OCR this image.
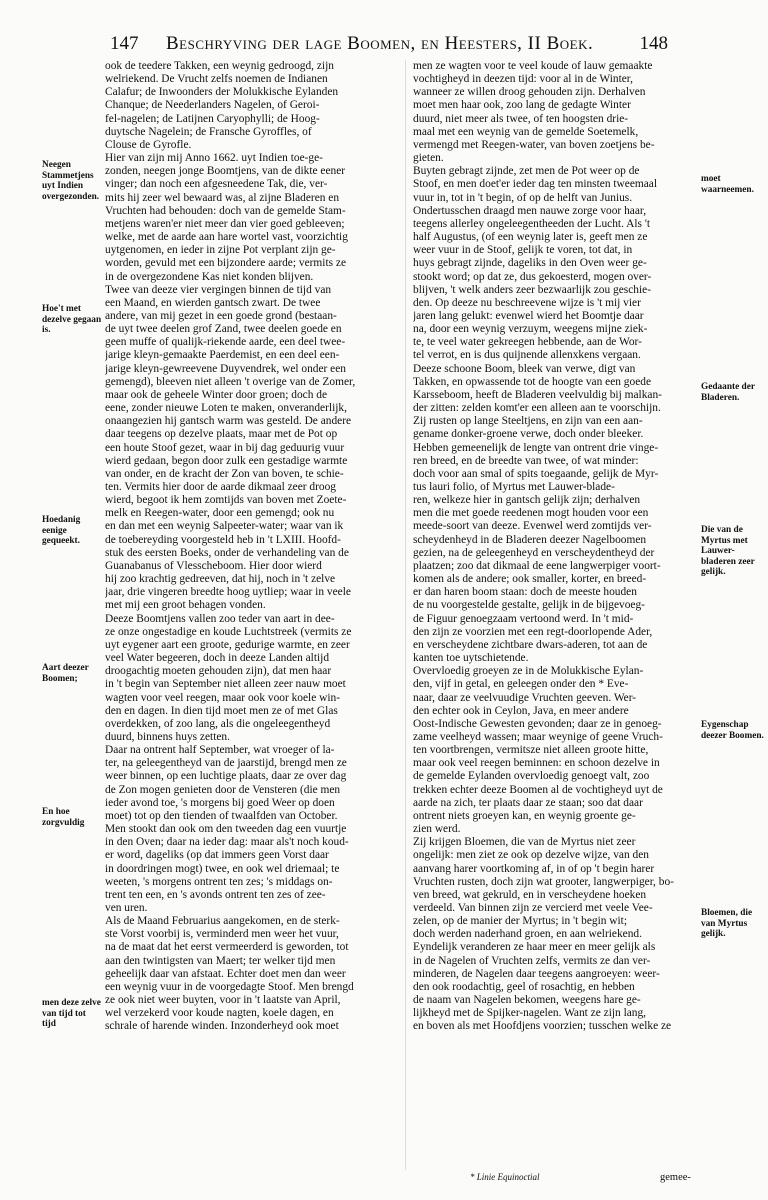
147 Beschryving der lage Boomen, en Heesters, II Boek. 148
ook de teedere Takken, een weynig gedroogd, zijn
welriekend. De Vrucht zelfs noemen de Indianen
Calafur; de Inwoonders der Molukkische Eylanden
Chanque; de Neederlanders Nagelen, of Geroi-
fel-nagelen; de Latijnen Caryophylli; de Hoog-
duytsche Nagelein; de Fransche Gyroffles, of
Clouse de Gyrofle.
Hier van zijn mij Anno 1662. uyt Indien toe-ge-
zonden, neegen jonge Boomtjens, van de dikte eener
vinger; dan noch een afgesneedene Tak, die, ver-
mits hij zeer wel bewaard was, al zijne Bladeren en
Vruchten had behouden: doch van de gemelde Stam-
metjens waren'er niet meer dan vier goed gebleeven;
welke, met de aarde aan hare wortel vast, voorzichtig
uytgenomen, en ieder in zijne Pot verplant zijn ge-
worden, gevuld met een bijzondere aarde; vermits ze
in de overgezondene Kas niet konden blijven.
Twee van deeze vier vergingen binnen de tijd van
een Maand, en wierden gantsch zwart. De twee
andere, van mij gezet in een goede grond (bestaan-
de uyt twee deelen grof Zand, twee deelen goede en
geen muffe of qualijk-riekende aarde, een deel twee-
jarige kleyn-gemaakte Paerdemist, en een deel een-
jarige kleyn-gewreevene Duyvendrek, wel onder een
gemengd), bleeven niet alleen 't overige van de Zomer,
maar ook de geheele Winter door groen; doch de
eene, zonder nieuwe Loten te maken, onveranderlijk,
onaangezien hij gantsch warm was gesteld. De andere
daar teegens op dezelve plaats, maar met de Pot op
een houte Stoof gezet, waar in bij dag geduurig vuur
wierd gedaan, begon door zulk een gestadige warmte
van onder, en de kracht der Zon van boven, te schie-
ten. Vermits hier door de aarde dikmaal zeer droog
wierd, begoot ik hem zomtijds van boven met Zoete-
melk en Reegen-water, door een gemengd; ook nu
en dan met een weynig Salpeeter-water; waar van ik
de toebereyding voorgesteld heb in 't LXIII. Hoofd-
stuk des eersten Boeks, onder de verhandeling van de
Guanabanus of Vlesscheboom. Hier door wierd
hij zoo krachtig gedreeven, dat hij, noch in 't zelve
jaar, drie vingeren breedte hoog uytliep; waar in veele
met mij een groot behagen vonden.
Deeze Boomtjens vallen zoo teder van aart in dee-
ze onze ongestadige en koude Luchtstreek (vermits ze
uyt eygener aart een groote, gedurige warmte, en zeer
veel Water begeeren, doch in deeze Landen altijd
droogachtig moeten gehouden zijn), dat men haar
in 't begin van September niet alleen zeer nauw moet
wagten voor veel reegen, maar ook voor koele win-
den en dagen. In dien tijd moet men ze of met Glas
overdekken, of zoo lang, als die ongeleegentheyd
duurd, binnens huys zetten.
Daar na ontrent half September, wat vroeger of la-
ter, na geleegentheyd van de jaarstijd, brengd men ze
weer binnen, op een luchtige plaats, daar ze over dag
de Zon mogen genieten door de Vensteren (die men
ieder avond toe, 's morgens bij goed Weer op doen
moet) tot op den tienden of twaalfden van October.
Men stookt dan ook om den tweeden dag een vuurtje
in den Oven; daar na ieder dag: maar als't noch koud-
er word, dageliks (op dat immers geen Vorst daar
in doordringen mogt) twee, en ook wel driemaal; te
weeten, 's morgens ontrent ten zes; 's middags on-
trent ten een, en 's avonds ontrent ten zes of zee-
ven uren.
Als de Maand Februarius aangekomen, en de sterk-
ste Vorst voorbij is, verminderd men weer het vuur,
na de maat dat het eerst vermeerderd is geworden, tot
aan den twintigsten van Maert; ter welker tijd men
geheelijk daar van afstaat. Echter doet men dan weer
een weynig vuur in de voorgedagte Stoof. Men brengd
ze ook niet weer buyten, voor in 't laatste van April,
wel verzekerd voor koude nagten, koele dagen, en
schrale of harende winden. Inzonderheyd ook moet
men ze wagten voor te veel koude of lauw gemaakte
vochtigheyd in deezen tijd: voor al in de Winter,
wanneer ze willen droog gehouden zijn. Derhalven
moet men haar ook, zoo lang de gedagte Winter
duurd, niet meer als twee, of ten hoogsten drie-
maal met een weynig van de gemelde Soetemelk,
vermengd met Reegen-water, van boven zoetjens be-
gieten.
Buyten gebragt zijnde, zet men de Pot weer op de
Stoof, en men doet'er ieder dag ten minsten tweemaal
vuur in, tot in 't begin, of op de helft van Junius.
Ondertusschen draagd men nauwe zorge voor haar,
teegens allerley ongeleegentheeden der Lucht. Als 't
half Augustus, (of een weynig later is, geeft men ze
weer vuur in de Stoof, gelijk te voren, tot dat, in
huys gebragt zijnde, dageliks in den Oven weer ge-
stookt word; op dat ze, dus gekoesterd, mogen over-
blijven, 't welk anders zeer bezwaarlijk zou geschie-
den. Op deeze nu beschreevene wijze is 't mij vier
jaren lang gelukt: evenwel wierd het Boomtje daar
na, door een weynig verzuym, weegens mijne ziek-
te, te veel water gekreegen hebbende, aan de Wor-
tel verrot, en is dus quijnende allenxkens vergaan.
Deeze schoone Boom, bleek van verwe, digt van
Takken, en opwassende tot de hoogte van een goede
Karsseboom, heeft de Bladeren veelvuldig bij malkan-
der zitten: zelden komt'er een alleen aan te voorschijn.
Zij rusten op lange Steeltjens, en zijn van een aan-
gename donker-groene verwe, doch onder bleeker.
Hebben gemeenelijk de lengte van ontrent drie vinge-
ren breed, en de breedte van twee, of wat minder:
doch voor aan smal of spits toegaande, gelijk de Myr-
tus lauri folio, of Myrtus met Lauwer-blade-
ren, welkeze hier in gantsch gelijk zijn; derhalven
men die met goede reedenen mogt houden voor een
meede-soort van deeze. Evenwel werd zomtijds ver-
scheydenheyd in de Bladeren deezer Nagelboomen
gezien, na de geleegenheyd en verscheydentheyd der
plaatzen; zoo dat dikmaal de eene langwerpiger voort-
komen als de andere; ook smaller, korter, en breed-
er dan haren boom staan: doch de meeste houden
de nu voorgestelde gestalte, gelijk in de bijgevoeg-
de Figuur genoegzaam vertoond werd. In 't mid-
den zijn ze voorzien met een regt-doorlopende Ader,
en verscheydene zichtbare dwars-aderen, tot aan de
kanten toe uytschietende.
Overvloedig groeyen ze in de Molukkische Eylan-
den, vijf in getal, en geleegen onder den * Eve-
naar, daar ze veelvuudige Vruchten geeven. Wer-
den echter ook in Ceylon, Java, en meer andere
Oost-Indische Gewesten gevonden; daar ze in genoeg-
zame veelheyd wassen; maar weynige of geene Vruch-
ten voortbrengen, vermitsze niet alleen groote hitte,
maar ook veel reegen beminnen: en schoon dezelve in
de gemelde Eylanden overvloedig genoegt valt, zoo
trekken echter deeze Boomen al de vochtigheyd uyt de
aarde na zich, ter plaats daar ze staan; soo dat daar
ontrent niets groeyen kan, en weynig groente ge-
zien werd.
Zij krijgen Bloemen, die van de Myrtus niet zeer
ongelijk: men ziet ze ook op dezelve wijze, van den
aanvang harer voortkoming af, in of op 't begin harer
Vruchten rusten, doch zijn wat grooter, langwerpiger, bo-
ven breed, wat gekruld, en in verscheydene hoeken
verdeeld. Van binnen zijn ze vercierd met veele Vee-
zelen, op de manier der Myrtus; in 't begin wit;
doch werden naderhand groen, en aan welriekend.
Eyndelijk veranderen ze haar meer en meer gelijk als
in de Nagelen of Vruchten zelfs, vermits ze dan ver-
minderen, de Nagelen daar teegens aangroeyen: weer-
den ook roodachtig, geel of rosachtig, en hebben
de naam van Nagelen bekomen, weegens hare ge-
lijkheyd met de Spijker-nagelen. Want ze zijn lang,
en boven als met Hoofdjens voorzien; tusschen welke ze
Neegen Stammetjens uyt Indien overgezonden.
Hoe't met dezelve gegaan is.
Hoedanig eenige gequeekt.
Aart deezer Boomen;
En hoe zorgvuldig
men deze zelve van tijd tot tijd
moet waarneemen.
Gedaante der Bladeren.
Die van de Myrtus met Lauwer-bladeren zeer gelijk.
Eygenschap deezer Boomen.
Bloemen, die van Myrtus gelijk.
* Linie Equinoctial	gemee-
